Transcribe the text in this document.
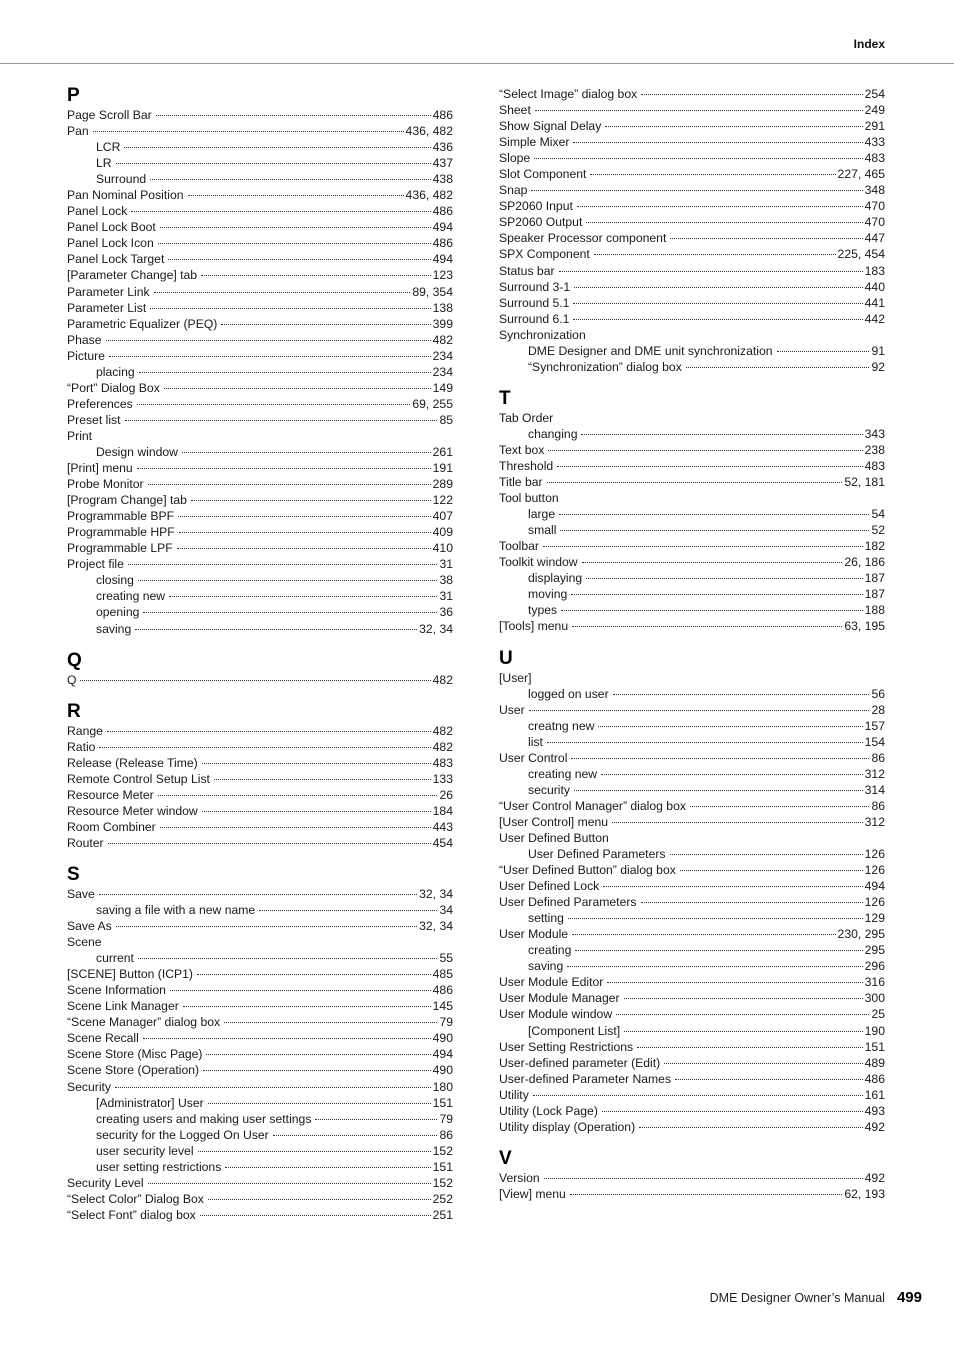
Index
P
Page Scroll Bar	486
Pan	436, 482
LCR	436
LR	437
Surround	438
Pan Nominal Position	436, 482
Panel Lock	486
Panel Lock Boot	494
Panel Lock Icon	486
Panel Lock Target	494
[Parameter Change] tab	123
Parameter Link	89, 354
Parameter List	138
Parametric Equalizer (PEQ)	399
Phase	482
Picture	234
placing	234
“Port” Dialog Box	149
Preferences	69, 255
Preset list	85
Print
Design window	261
[Print] menu	191
Probe Monitor	289
[Program Change] tab	122
Programmable BPF	407
Programmable HPF	409
Programmable LPF	410
Project file	31
closing	38
creating new	31
opening	36
saving	32, 34
Q
Q	482
R
Range	482
Ratio	482
Release (Release Time)	483
Remote Control Setup List	133
Resource Meter	26
Resource Meter window	184
Room Combiner	443
Router	454
S
Save	32, 34
saving a file with a new name	34
Save As	32, 34
Scene
current	55
[SCENE] Button (ICP1)	485
Scene Information	486
Scene Link Manager	145
“Scene Manager” dialog box	79
Scene Recall	490
Scene Store (Misc Page)	494
Scene Store (Operation)	490
Security	180
[Administrator] User	151
creating users and making user settings	79
security for the Logged On User	86
user security level	152
user setting restrictions	151
Security Level	152
“Select Color” Dialog Box	252
“Select Font” dialog box	251
“Select Image” dialog box	254
Sheet	249
Show Signal Delay	291
Simple Mixer	433
Slope	483
Slot Component	227, 465
Snap	348
SP2060 Input	470
SP2060 Output	470
Speaker Processor component	447
SPX Component	225, 454
Status bar	183
Surround 3-1	440
Surround 5.1	441
Surround 6.1	442
Synchronization
DME Designer and DME unit synchronization	91
“Synchronization” dialog box	92
T
Tab Order
changing	343
Text box	238
Threshold	483
Title bar	52, 181
Tool button
large	54
small	52
Toolbar	182
Toolkit window	26, 186
displaying	187
moving	187
types	188
[Tools] menu	63, 195
U
[User]
logged on user	56
User	28
creatng new	157
list	154
User Control	86
creating new	312
security	314
“User Control Manager” dialog box	86
[User Control] menu	312
User Defined Button
User Defined Parameters	126
“User Defined Button” dialog box	126
User Defined Lock	494
User Defined Parameters	126
setting	129
User Module	230, 295
creating	295
saving	296
User Module Editor	316
User Module Manager	300
User Module window	25
[Component List]	190
User Setting Restrictions	151
User-defined parameter (Edit)	489
User-defined Parameter Names	486
Utility	161
Utility (Lock Page)	493
Utility display (Operation)	492
V
Version	492
[View] menu	62, 193
DME Designer Owner’s Manual 499
